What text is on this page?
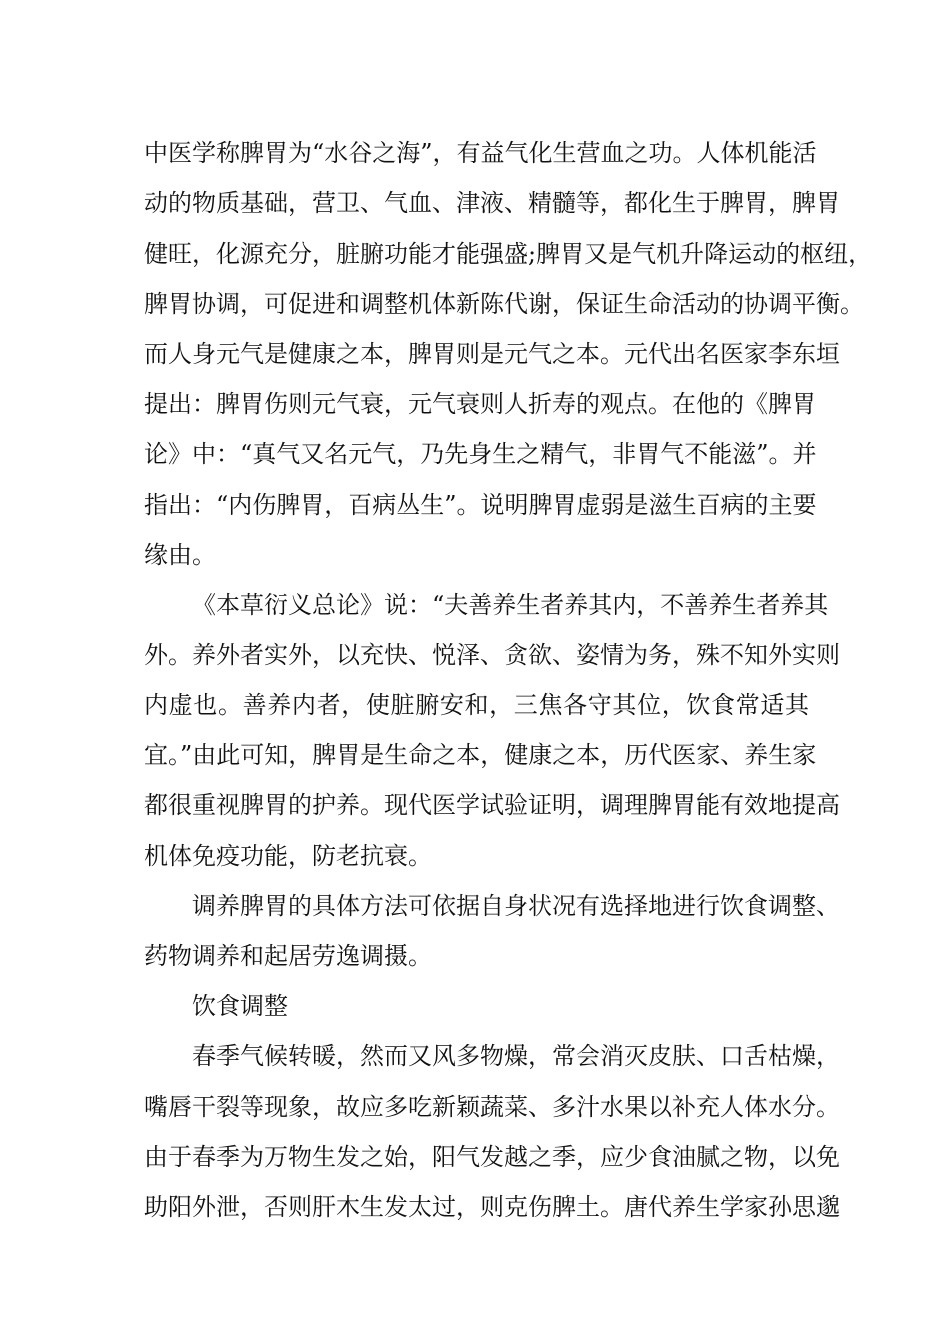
中医学称脾胃为“水谷之海”，有益气化生营血之功。人体机能活
动的物质基础，营卫、气血、津液、精髓等，都化生于脾胃，脾胃
健旺，化源充分，脏腑功能才能强盛;脾胃又是气机升降运动的枢纽，
脾胃协调，可促进和调整机体新陈代谢，保证生命活动的协调平衡。
而人身元气是健康之本，脾胃则是元气之本。元代出名医家李东垣
提出：脾胃伤则元气衰，元气衰则人折寿的观点。在他的《脾胃
论》中：“真气又名元气，乃先身生之精气，非胃气不能滋”。并
指出：“内伤脾胃，百病丛生”。说明脾胃虚弱是滋生百病的主要
缘由。
《本草衍义总论》说：“夫善养生者养其内，不善养生者养其
外。养外者实外，以充快、悦泽、贪欲、姿情为务，殊不知外实则
内虚也。善养内者，使脏腑安和，三焦各守其位，饮食常适其
宜。”由此可知，脾胃是生命之本，健康之本，历代医家、养生家
都很重视脾胃的护养。现代医学试验证明，调理脾胃能有效地提高
机体免疫功能，防老抗衰。
调养脾胃的具体方法可依据自身状况有选择地进行饮食调整、
药物调养和起居劳逸调摄。
饮食调整
春季气候转暖，然而又风多物燥，常会消灭皮肤、口舌枯燥，
嘴唇干裂等现象，故应多吃新颖蔬菜、多汁水果以补充人体水分。
由于春季为万物生发之始，阳气发越之季，应少食油腻之物，以免
助阳外泄，否则肝木生发太过，则克伤脾土。唐代养生学家孙思邈
